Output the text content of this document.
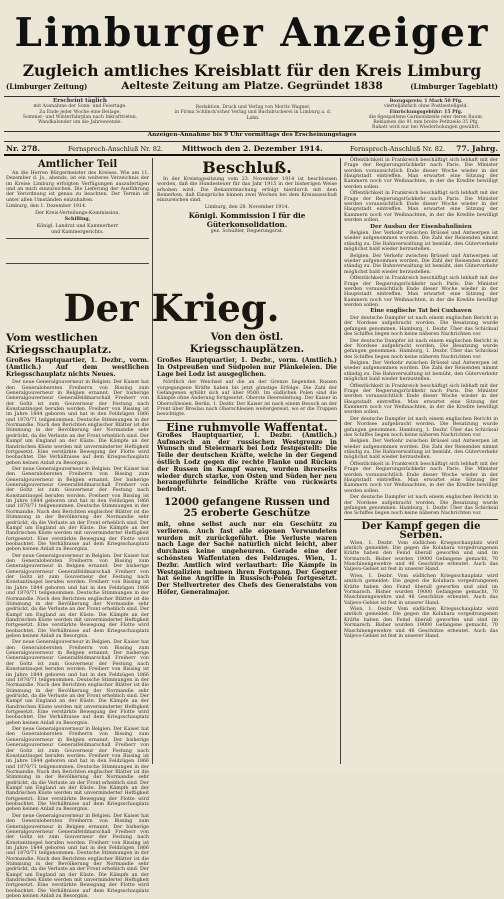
Limburger Anzeiger
Zugleich amtliches Kreisblatt für den Kreis Limburg
(Limburger Zeitung)	Aelteste Zeitung am Platze. Gegründet 1838	(Limburger Tageblatt)
Erscheint täglich
mit Ausnahme der Sonn- und Feiertage.
Zu Ende jeder Woche eine Beilage.
Sommer- und Winterfahrplan nach Inkrafttreten.
Wandkalender um die Jahreswende.
Redaktion, Druck und Verlag von Moritz Wagner,
in Firma Schlinck'scher Verlag und Buchdruckerei in Limburg a. d. Lahn.
Bezugspreis: 1 Mark 50 Pfg.
vierteljährlich ohne Postbestellgeld.
Einrückungsgebühr: 15 Pfg.
die 6gespaltene Garmondzeile oder deren Raum.
Reklamen die 91 mm breite Petitzeile 35 Pfg.
Rabatt wird nur bei Wiederholungen gewährt.
Anzeigen-Annahme bis 9 Uhr vormittags des Erscheinungstages
Nr. 278.	Fernsprech-Anschluß Nr. 82. Mittwoch den 2. Dezember 1914.	Fernsprech-Anschluß Nr. 82. 77. Jahrg.
Amtlicher Teil

An die Herren Bürgermeister des Kreises. Wie am 11. Dezember d. Js., abends, ist ein weiteres Verzeichnis der im Kreise Limburg erfolgten Verfügungen auszufertigen und an mich einzureichen. Die Lieferung der Ausführung der Verordnung ist genau zu beachten. Der Termin ist unter allen Umständen einzuhalten.

Limburg, den 1. Dezember 1914.

Der Kreis-Verteilungs-Kommission.

Schilling,

Königl. Landrat und Kammerherr

und Kammergerichts.

Der Krieg.
Vom westlichen Kriegsschauplatz.
Großes Hauptquartier, 1. Dezbr., vorm. (Amtlich.) Auf dem westlichen Kriegsschauplatz nichts Neues.

Der neue Generalgouverneur in Belgien. Der Kaiser hat den Generalobersten Freiherrn von Bissing zum Generalgouverneur in Belgien ernannt. Der bisherige Generalgouverneur Generalfeldmarschall Freiherr von der Goltz ist zum Gouverneur der Festung nach Konstantinopel berufen worden. Freiherr von Bissing ist im Jahre 1844 geboren und hat in den Feldzügen 1866 und 1870/71 teilgenommen. Deutsche Stimmungen in der Normandie. Nach den Berichten englischer Blätter ist die Stimmung in der Bevölkerung der Normandie sehr gedrückt, da die Verluste an der Front erheblich sind. Der Kampf um England an der Küste. Die Kämpfe an der flandrischen Küste werden mit unverminderter Heftigkeit fortgesetzt. Eine verstärkte Bewegung der Flotte wird beobachtet. Die Verhältnisse auf dem Kriegsschauplatz geben keinen Anlaß zu Besorgnis.

Der neue Generalgouverneur in Belgien. Der Kaiser hat den Generalobersten Freiherrn von Bissing zum Generalgouverneur in Belgien ernannt. Der bisherige Generalgouverneur Generalfeldmarschall Freiherr von der Goltz ist zum Gouverneur der Festung nach Konstantinopel berufen worden. Freiherr von Bissing ist im Jahre 1844 geboren und hat in den Feldzügen 1866 und 1870/71 teilgenommen. Deutsche Stimmungen in der Normandie. Nach den Berichten englischer Blätter ist die Stimmung in der Bevölkerung der Normandie sehr gedrückt, da die Verluste an der Front erheblich sind. Der Kampf um England an der Küste. Die Kämpfe an der flandrischen Küste werden mit unverminderter Heftigkeit fortgesetzt. Eine verstärkte Bewegung der Flotte wird beobachtet. Die Verhältnisse auf dem Kriegsschauplatz geben keinen Anlaß zu Besorgnis.

Der neue Generalgouverneur in Belgien. Der Kaiser hat den Generalobersten Freiherrn von Bissing zum Generalgouverneur in Belgien ernannt. Der bisherige Generalgouverneur Generalfeldmarschall Freiherr von der Goltz ist zum Gouverneur der Festung nach Konstantinopel berufen worden. Freiherr von Bissing ist im Jahre 1844 geboren und hat in den Feldzügen 1866 und 1870/71 teilgenommen. Deutsche Stimmungen in der Normandie. Nach den Berichten englischer Blätter ist die Stimmung in der Bevölkerung der Normandie sehr gedrückt, da die Verluste an der Front erheblich sind. Der Kampf um England an der Küste. Die Kämpfe an der flandrischen Küste werden mit unverminderter Heftigkeit fortgesetzt. Eine verstärkte Bewegung der Flotte wird beobachtet. Die Verhältnisse auf dem Kriegsschauplatz geben keinen Anlaß zu Besorgnis.

Der neue Generalgouverneur in Belgien. Der Kaiser hat den Generalobersten Freiherrn von Bissing zum Generalgouverneur in Belgien ernannt. Der bisherige Generalgouverneur Generalfeldmarschall Freiherr von der Goltz ist zum Gouverneur der Festung nach Konstantinopel berufen worden. Freiherr von Bissing ist im Jahre 1844 geboren und hat in den Feldzügen 1866 und 1870/71 teilgenommen. Deutsche Stimmungen in der Normandie. Nach den Berichten englischer Blätter ist die Stimmung in der Bevölkerung der Normandie sehr gedrückt, da die Verluste an der Front erheblich sind. Der Kampf um England an der Küste. Die Kämpfe an der flandrischen Küste werden mit unverminderter Heftigkeit fortgesetzt. Eine verstärkte Bewegung der Flotte wird beobachtet. Die Verhältnisse auf dem Kriegsschauplatz geben keinen Anlaß zu Besorgnis.

Der neue Generalgouverneur in Belgien. Der Kaiser hat den Generalobersten Freiherrn von Bissing zum Generalgouverneur in Belgien ernannt. Der bisherige Generalgouverneur Generalfeldmarschall Freiherr von der Goltz ist zum Gouverneur der Festung nach Konstantinopel berufen worden. Freiherr von Bissing ist im Jahre 1844 geboren und hat in den Feldzügen 1866 und 1870/71 teilgenommen. Deutsche Stimmungen in der Normandie. Nach den Berichten englischer Blätter ist die Stimmung in der Bevölkerung der Normandie sehr gedrückt, da die Verluste an der Front erheblich sind. Der Kampf um England an der Küste. Die Kämpfe an der flandrischen Küste werden mit unverminderter Heftigkeit fortgesetzt. Eine verstärkte Bewegung der Flotte wird beobachtet. Die Verhältnisse auf dem Kriegsschauplatz geben keinen Anlaß zu Besorgnis.

Der neue Generalgouverneur in Belgien. Der Kaiser hat den Generalobersten Freiherrn von Bissing zum Generalgouverneur in Belgien ernannt. Der bisherige Generalgouverneur Generalfeldmarschall Freiherr von der Goltz ist zum Gouverneur der Festung nach Konstantinopel berufen worden. Freiherr von Bissing ist im Jahre 1844 geboren und hat in den Feldzügen 1866 und 1870/71 teilgenommen. Deutsche Stimmungen in der Normandie. Nach den Berichten englischer Blätter ist die Stimmung in der Bevölkerung der Normandie sehr gedrückt, da die Verluste an der Front erheblich sind. Der Kampf um England an der Küste. Die Kämpfe an der flandrischen Küste werden mit unverminderter Heftigkeit fortgesetzt. Eine verstärkte Bewegung der Flotte wird beobachtet. Die Verhältnisse auf dem Kriegsschauplatz geben keinen Anlaß zu Besorgnis.

Beschluß.

In der Kreistagssitzung vom 23. November 1914 ist beschlossen worden, daß die Hundesteuer für das Jahr 1915 in der bisherigen Weise erhoben wird. Die Bekanntmachung erfolgt hierdurch mit dem Bemerken, daß Einsprüche binnen zwei Wochen bei dem Kreisausschuß einzureichen sind.

Limburg, den 28. November 1914.

Königl. Kommission I für die Güterkonsolidation.
gez. Schüßler, Regierungsrat.
Von den östl. Kriegsschauplätzen.
Großes Hauptquartier, 1. Dezbr., vorm. (Amtlich.) In Ostpreußen und Südpolen nur Plänkeleien. Die Lage bei Lodz ist ausgeglichen.

Nördlich der Weichsel auf die an der Grenze liegenden Russen vorgegangene Kräfte haben bis jetzt günstige Erfolge. Die Zahl der Gefangenen erhöht sich auf über 9500. Im südlichen Polen sind die Kämpfe ohne Änderung fortgesetzt. Oberste Heeresleitung. Der Kaiser in Oberschlesien. Berlin, 1. Dezbr. Der Kaiser ist nach einem Besuch an der Front über Breslau nach Oberschlesien weitergereist, wo er die Truppen besichtigte.

Eine ruhmvolle Waffentat.
Großes Hauptquartier, 1. Dezbr. (Amtlich.) Aufmarsch an der russischen Westgrenze in Wunsch und Steiermark bei Lodz festgestellt: Die Teile der deutschen Kräfte, welche in der Gegend östlich Lodz gegen die rechte Flanke und Rücken der Russen im Kampf waren, wurden ihrerseits wieder durch starke, von Osten und Süden her neu herangeführte feindliche Kräfte von rückwärts bedroht.
12000 gefangene Russen und 25 eroberte Geschütze
mit, ohne selbst auch nur ein Geschütz zu verlieren. Auch fast alle eigenen Verwundeten wurden mit zurückgeführt. Die Verluste waren nach Lage der Sache natürlich nicht leicht, aber durchaus keine ungeheuren. Gerade eine der schönsten Waffentaten des Feldzuges. Wien, 1. Dezbr. Amtlich wird verlautbart: Die Kämpfe in Westgalizien nehmen ihren Fortgang. Der Gegner hat seine Angriffe in Russisch-Polen fortgesetzt. Der Stellvertreter des Chefs des Generalstabs von Höfer, Generalmajor.

Öffentlichkeit in Frankreich beschäftigt sich lebhaft mit der Frage der Regierungsrückkehr nach Paris. Die Minister werden voraussichtlich Ende dieser Woche wieder in der Hauptstadt eintreffen. Man erwartet eine Sitzung der Kammern noch vor Weihnachten, in der die Kredite bewilligt werden sollen.

Öffentlichkeit in Frankreich beschäftigt sich lebhaft mit der Frage der Regierungsrückkehr nach Paris. Die Minister werden voraussichtlich Ende dieser Woche wieder in der Hauptstadt eintreffen. Man erwartet eine Sitzung der Kammern noch vor Weihnachten, in der die Kredite bewilligt werden sollen.

Der Ausbau der Eisenbahnlinien

Belgien. Der Verkehr zwischen Brüssel und Antwerpen ist wieder aufgenommen worden. Die Zahl der Reisenden nimmt ständig zu. Die Bahnverwaltung ist bemüht, den Güterverkehr möglichst bald wieder herzustellen.

Belgien. Der Verkehr zwischen Brüssel und Antwerpen ist wieder aufgenommen worden. Die Zahl der Reisenden nimmt ständig zu. Die Bahnverwaltung ist bemüht, den Güterverkehr möglichst bald wieder herzustellen.

Öffentlichkeit in Frankreich beschäftigt sich lebhaft mit der Frage der Regierungsrückkehr nach Paris. Die Minister werden voraussichtlich Ende dieser Woche wieder in der Hauptstadt eintreffen. Man erwartet eine Sitzung der Kammern noch vor Weihnachten, in der die Kredite bewilligt werden sollen.

Eine englische Tat bei Cuxhaven

Der deutsche Dampfer ist nach einem englischen Bericht in der Nordsee aufgebracht worden. Die Besatzung wurde gefangen genommen. Hamburg, 1. Dezbr. Über das Schicksal des Schiffes liegen noch keine näheren Nachrichten vor.

Der deutsche Dampfer ist nach einem englischen Bericht in der Nordsee aufgebracht worden. Die Besatzung wurde gefangen genommen. Hamburg, 1. Dezbr. Über das Schicksal des Schiffes liegen noch keine näheren Nachrichten vor.

Belgien. Der Verkehr zwischen Brüssel und Antwerpen ist wieder aufgenommen worden. Die Zahl der Reisenden nimmt ständig zu. Die Bahnverwaltung ist bemüht, den Güterverkehr möglichst bald wieder herzustellen.

Öffentlichkeit in Frankreich beschäftigt sich lebhaft mit der Frage der Regierungsrückkehr nach Paris. Die Minister werden voraussichtlich Ende dieser Woche wieder in der Hauptstadt eintreffen. Man erwartet eine Sitzung der Kammern noch vor Weihnachten, in der die Kredite bewilligt werden sollen.

Der deutsche Dampfer ist nach einem englischen Bericht in der Nordsee aufgebracht worden. Die Besatzung wurde gefangen genommen. Hamburg, 1. Dezbr. Über das Schicksal des Schiffes liegen noch keine näheren Nachrichten vor.

Belgien. Der Verkehr zwischen Brüssel und Antwerpen ist wieder aufgenommen worden. Die Zahl der Reisenden nimmt ständig zu. Die Bahnverwaltung ist bemüht, den Güterverkehr möglichst bald wieder herzustellen.

Öffentlichkeit in Frankreich beschäftigt sich lebhaft mit der Frage der Regierungsrückkehr nach Paris. Die Minister werden voraussichtlich Ende dieser Woche wieder in der Hauptstadt eintreffen. Man erwartet eine Sitzung der Kammern noch vor Weihnachten, in der die Kredite bewilligt werden sollen.

Der deutsche Dampfer ist nach einem englischen Bericht in der Nordsee aufgebracht worden. Die Besatzung wurde gefangen genommen. Hamburg, 1. Dezbr. Über das Schicksal des Schiffes liegen noch keine näheren Nachrichten vor.

Der Kampf gegen die Serben.

Wien, 1. Dezbr. Vom südlichen Kriegsschauplatz wird amtlich gemeldet: Die gegen die Kolubara vorgedrungenen Kräfte haben den Feind überall geworfen und sind im Vormarsch. Bisher wurden 19000 Gefangene gemacht, 70 Maschinengewehre und 46 Geschütze erbeutet. Auch das Valjevo-Gebiet ist fest in unserer Hand.

Wien, 1. Dezbr. Vom südlichen Kriegsschauplatz wird amtlich gemeldet: Die gegen die Kolubara vorgedrungenen Kräfte haben den Feind überall geworfen und sind im Vormarsch. Bisher wurden 19000 Gefangene gemacht, 70 Maschinengewehre und 46 Geschütze erbeutet. Auch das Valjevo-Gebiet ist fest in unserer Hand.

Wien, 1. Dezbr. Vom südlichen Kriegsschauplatz wird amtlich gemeldet: Die gegen die Kolubara vorgedrungenen Kräfte haben den Feind überall geworfen und sind im Vormarsch. Bisher wurden 19000 Gefangene gemacht, 70 Maschinengewehre und 46 Geschütze erbeutet. Auch das Valjevo-Gebiet ist fest in unserer Hand.
